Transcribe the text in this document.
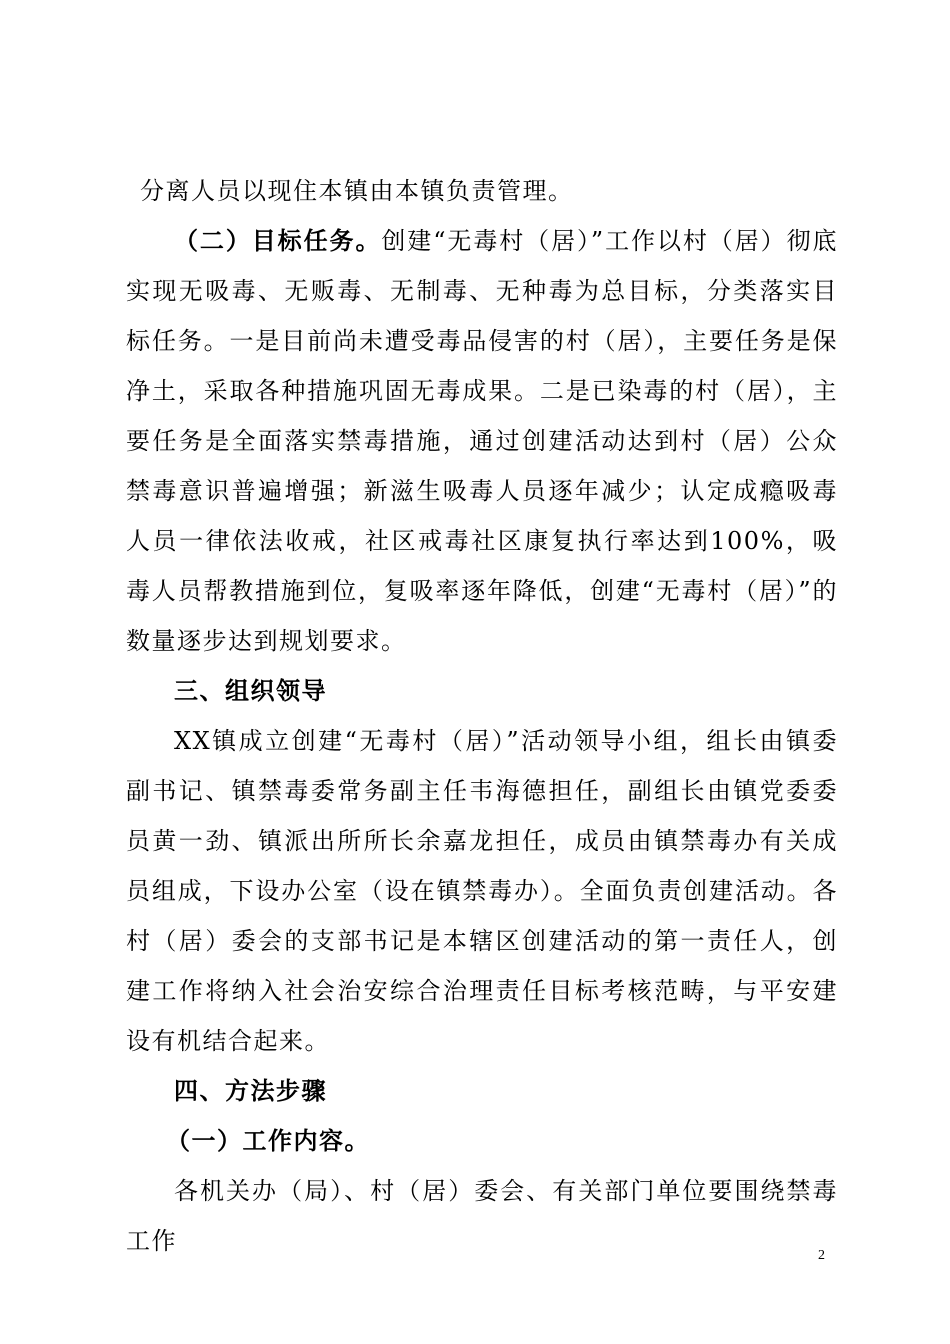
分离人员以现住本镇由本镇负责管理。

（二）目标任务。创建“无毒村（居）”工作以村（居）彻底实现无吸毒、无贩毒、无制毒、无种毒为总目标，分类落实目标任务。一是目前尚未遭受毒品侵害的村（居），主要任务是保净土，采取各种措施巩固无毒成果。二是已染毒的村（居），主要任务是全面落实禁毒措施，通过创建活动达到村（居）公众禁毒意识普遍增强；新滋生吸毒人员逐年减少；认定成瘾吸毒人员一律依法收戒，社区戒毒社区康复执行率达到100%，吸毒人员帮教措施到位，复吸率逐年降低，创建“无毒村（居）”的数量逐步达到规划要求。

三、组织领导

XX镇成立创建“无毒村（居）”活动领导小组，组长由镇委副书记、镇禁毒委常务副主任韦海德担任，副组长由镇党委委员黄一劲、镇派出所所长余嘉龙担任，成员由镇禁毒办有关成员组成，下设办公室（设在镇禁毒办）。全面负责创建活动。各村（居）委会的支部书记是本辖区创建活动的第一责任人，创建工作将纳入社会治安综合治理责任目标考核范畴，与平安建设有机结合起来。

四、方法步骤

（一）工作内容。

各机关办（局）、村（居）委会、有关部门单位要围绕禁毒工作

2
